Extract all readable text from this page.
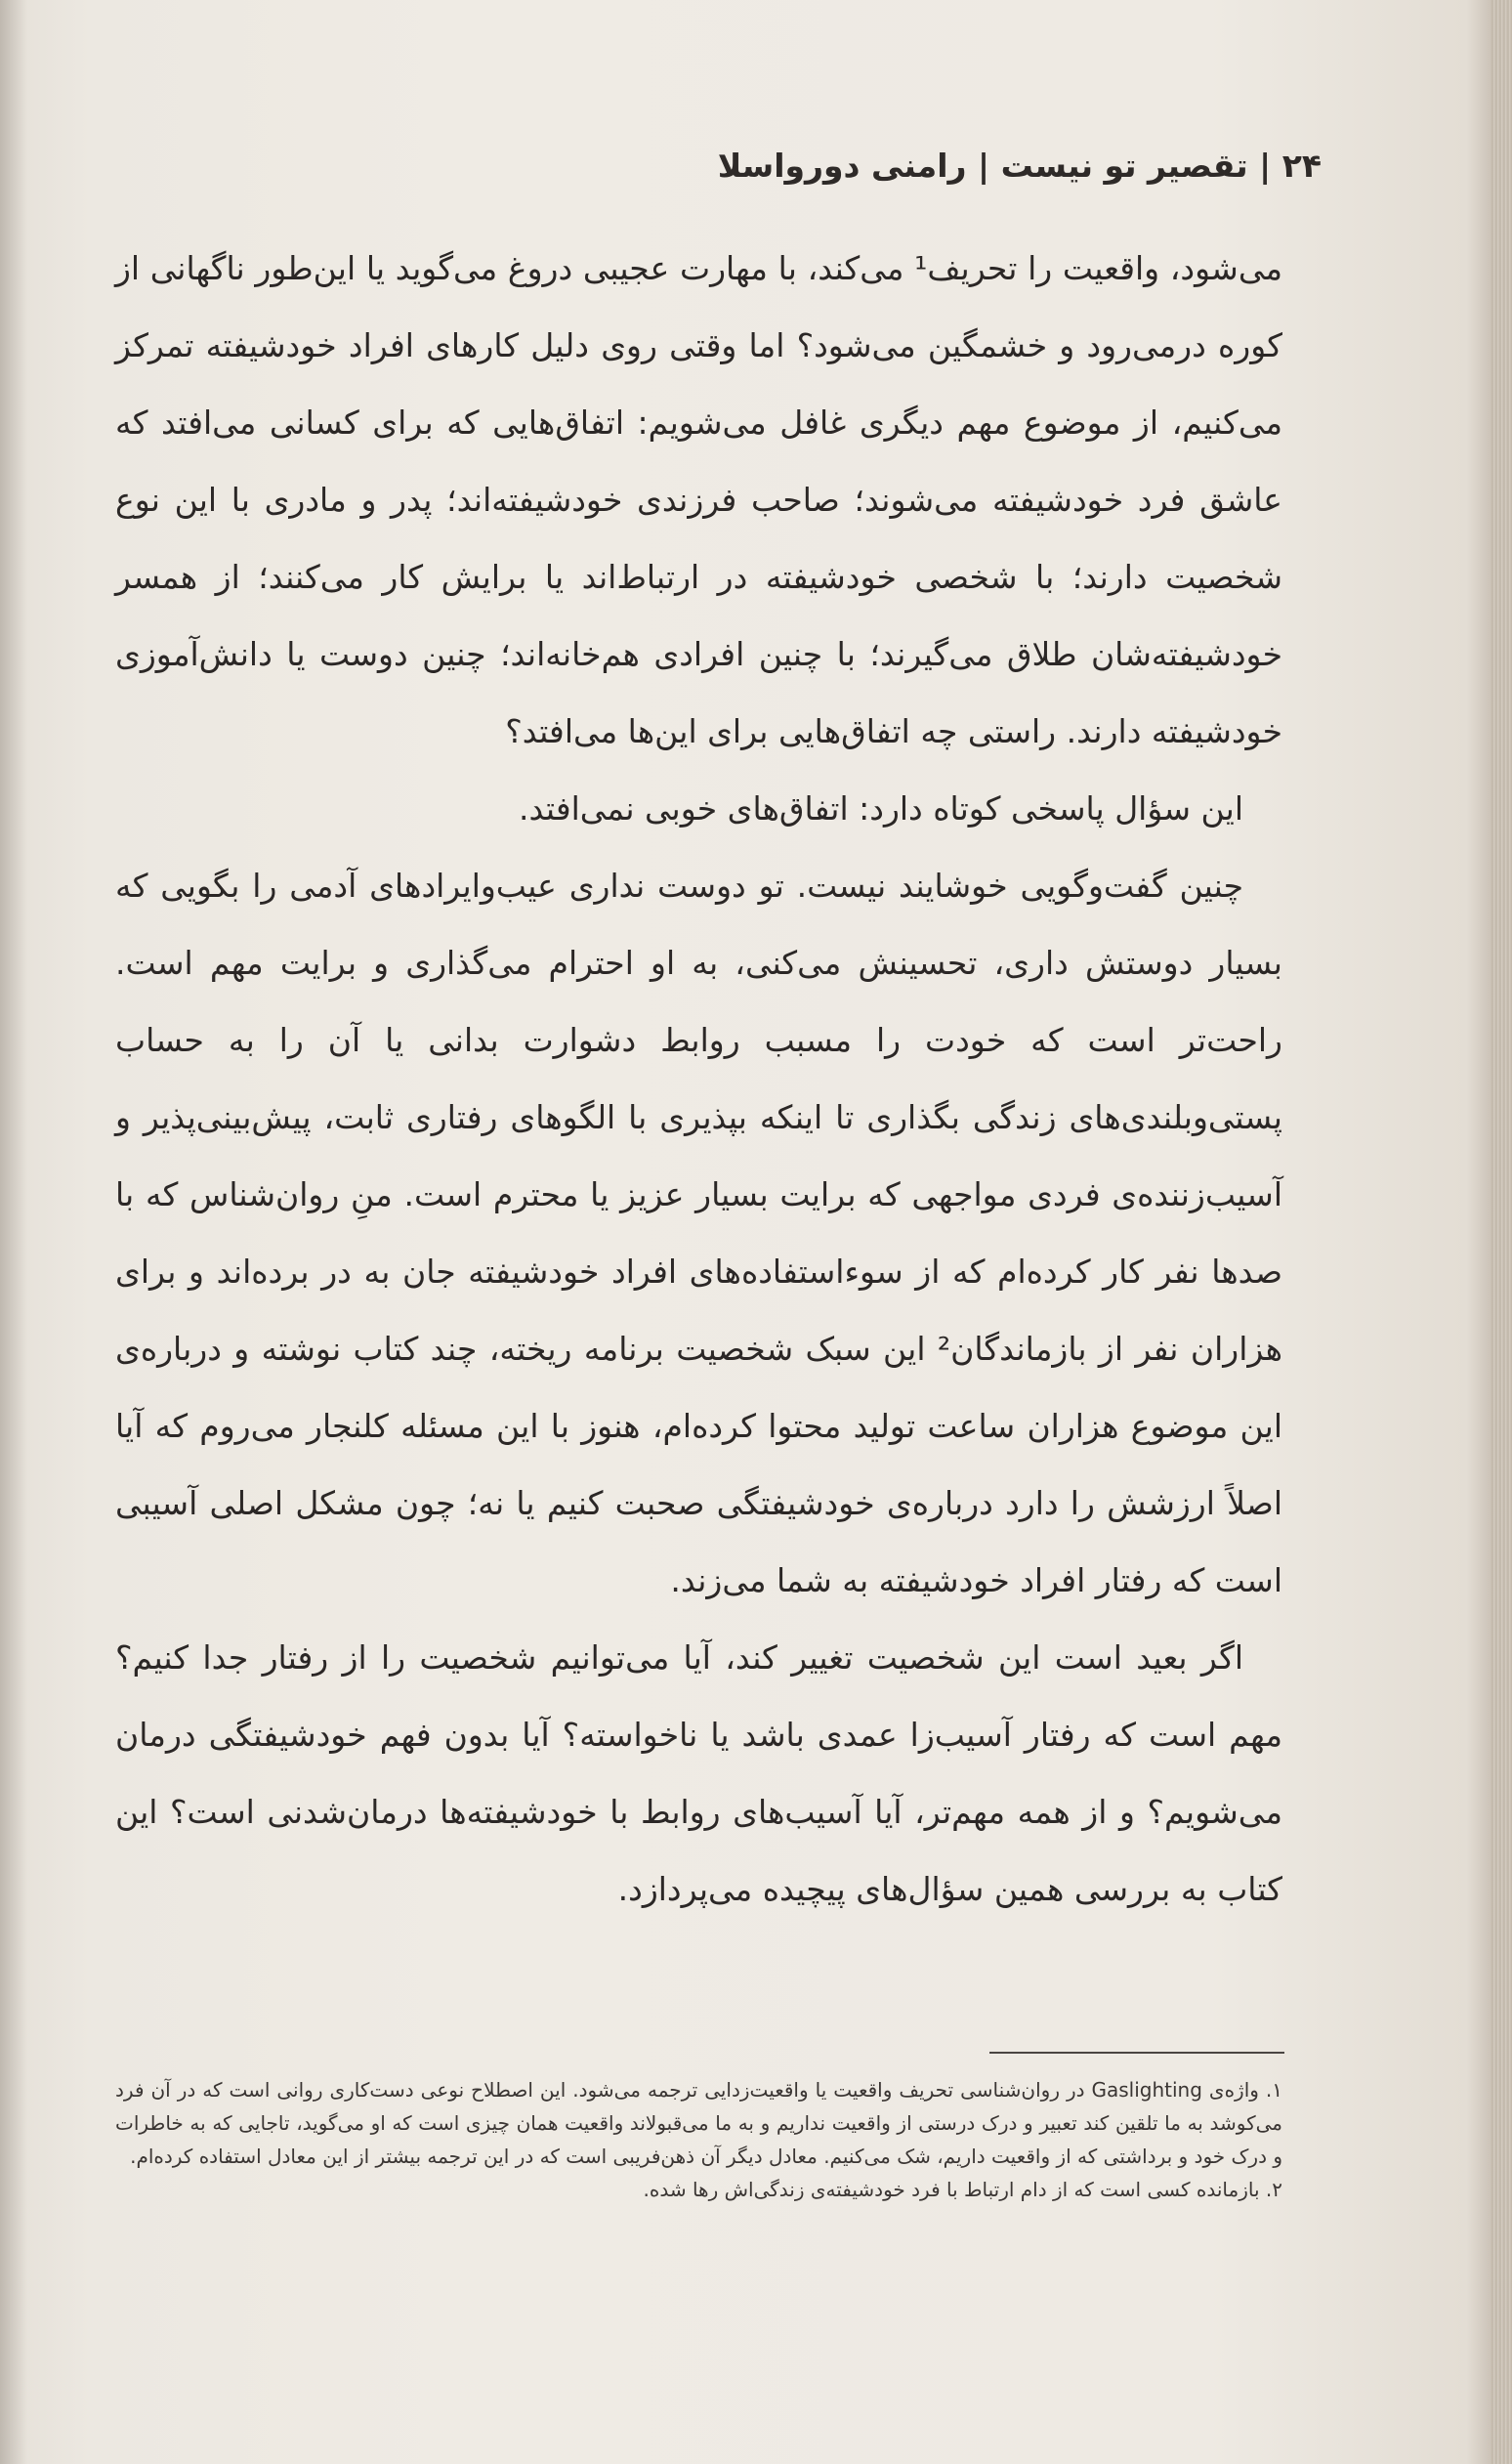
۲۴ | تقصیر تو نیست | رامنی دورواسلا

می‌شود، واقعیت را تحریف¹ می‌کند، با مهارت عجیبی دروغ می‌گوید یا این‌طور ناگهانی از کوره درمی‌رود و خشمگین می‌شود؟ اما وقتی روی دلیل کارهای افراد خودشیفته تمرکز می‌کنیم، از موضوع مهم دیگری غافل می‌شویم: اتفاق‌هایی که برای کسانی می‌افتد که عاشق فرد خودشیفته می‌شوند؛ صاحب فرزندی خودشیفته‌اند؛ پدر و مادری با این نوع شخصیت دارند؛ با شخصی خودشیفته در ارتباط‌اند یا برایش کار می‌کنند؛ از همسر خودشیفته‌شان طلاق می‌گیرند؛ با چنین افرادی هم‌خانه‌اند؛ چنین دوست یا دانش‌آموزی خودشیفته دارند. راستی چه اتفاق‌هایی برای این‌ها می‌افتد؟

این سؤال پاسخی کوتاه دارد: اتفاق‌های خوبی نمی‌افتد.

چنین گفت‌وگویی خوشایند نیست. تو دوست نداری عیب‌وایرادهای آدمی را بگویی که بسیار دوستش داری، تحسینش می‌کنی، به او احترام می‌گذاری و برایت مهم است. راحت‌تر است که خودت را مسبب روابط دشوارت بدانی یا آن را به حساب پستی‌وبلندی‌های زندگی بگذاری تا اینکه بپذیری با الگوهای رفتاری ثابت، پیش‌بینی‌پذیر و آسیب‌زننده‌ی فردی مواجهی که برایت بسیار عزیز یا محترم است. منِ روان‌شناس که با صدها نفر کار کرده‌ام که از سوءاستفاده‌های افراد خودشیفته جان به در برده‌اند و برای هزاران نفر از بازماندگان² این سبک شخصیت برنامه ریخته، چند کتاب نوشته و درباره‌ی این موضوع هزاران ساعت تولید محتوا کرده‌ام، هنوز با این مسئله کلنجار می‌روم که آیا اصلاً ارزشش را دارد درباره‌ی خودشیفتگی صحبت کنیم یا نه؛ چون مشکل اصلی آسیبی است که رفتار افراد خودشیفته به شما می‌زند.

اگر بعید است این شخصیت تغییر کند، آیا می‌توانیم شخصیت را از رفتار جدا کنیم؟ مهم است که رفتار آسیب‌زا عمدی باشد یا ناخواسته؟ آیا بدون فهم خودشیفتگی درمان می‌شویم؟ و از همه مهم‌تر، آیا آسیب‌های روابط با خودشیفته‌ها درمان‌شدنی است؟ این کتاب به بررسی همین سؤال‌های پیچیده می‌پردازد.

۱. واژه‌ی Gaslighting در روان‌شناسی تحریف واقعیت یا واقعیت‌زدایی ترجمه می‌شود. این اصطلاح نوعی دست‌کاری روانی است که در آن فرد می‌کوشد به ما تلقین کند تعبیر و درک درستی از واقعیت نداریم و به ما می‌قبولاند واقعیت همان چیزی است که او می‌گوید، تاجایی که به خاطرات و درک خود و برداشتی که از واقعیت داریم، شک می‌کنیم. معادل دیگر آن ذهن‌فریبی است که در این ترجمه بیشتر از این معادل استفاده کرده‌ام.

۲. بازمانده کسی است که از دام ارتباط با فرد خودشیفته‌ی زندگی‌اش رها شده.
